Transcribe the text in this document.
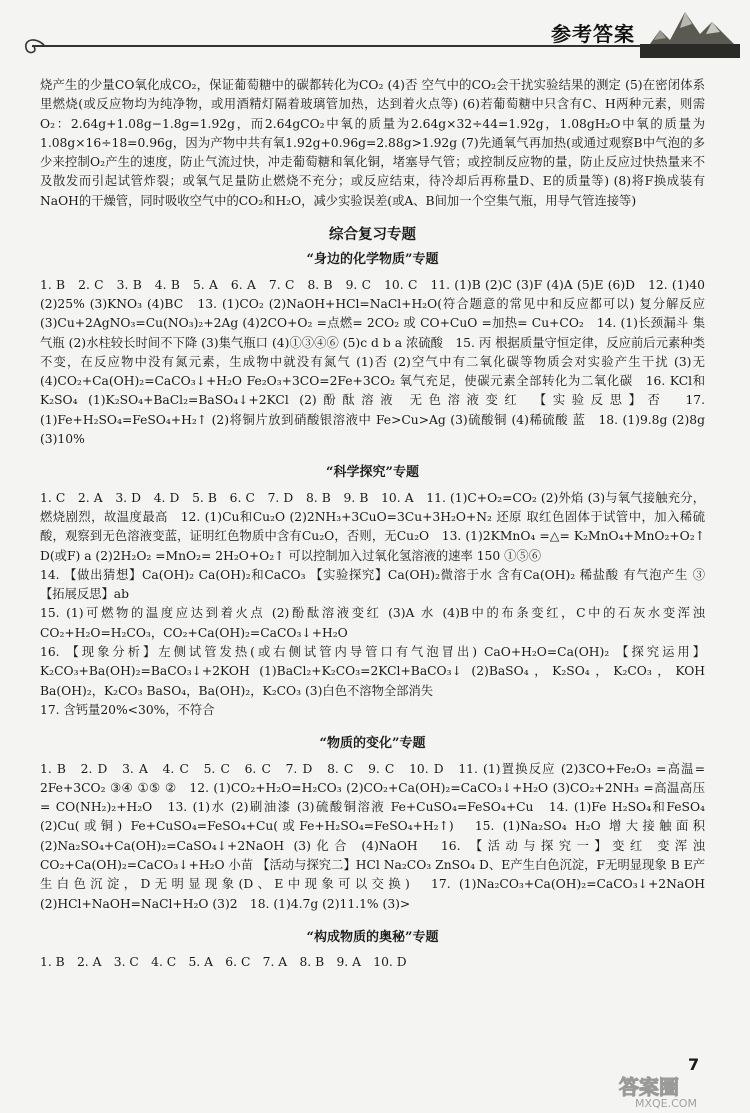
参考答案

烧产生的少量CO氧化成CO₂，保证葡萄糖中的碳都转化为CO₂ (4)否 空气中的CO₂会干扰实验结果的测定 (5)在密闭体系里燃烧(或反应物均为纯净物，或用酒精灯隔着玻璃管加热，达到着火点等) (6)若葡萄糖中只含有C、H两种元素，则需O₂：2.64g+1.08g−1.8g=1.92g，而2.64gCO₂中氧的质量为2.64g×32÷44=1.92g，1.08gH₂O中氧的质量为1.08g×16÷18=0.96g，因为产物中共有氧1.92g+0.96g=2.88g>1.92g (7)先通氧气再加热(或通过观察B中气泡的多少来控制O₂产生的速度，防止气流过快，冲走葡萄糖和氧化铜，堵塞导气管；或控制反应物的量，防止反应过快热量来不及散发而引起试管炸裂；或氧气足量防止燃烧不充分；或反应结束，待冷却后再称量D、E的质量等) (8)将F换成装有NaOH的干燥管，同时吸收空气中的CO₂和H₂O，减少实验误差(或A、B间加一个空集气瓶，用导气管连接等)

综合复习专题
“身边的化学物质”专题

1. B　2. C　3. B　4. B　5. A　6. A　7. C　8. B　9. C　10. C　11. (1)B (2)C (3)F (4)A (5)E (6)D　12. (1)40 (2)25% (3)KNO₃ (4)BC　13. (1)CO₂ (2)NaOH+HCl=NaCl+H₂O(符合题意的常见中和反应都可以) 复分解反应 (3)Cu+2AgNO₃=Cu(NO₃)₂+2Ag (4)2CO+O₂ =点燃= 2CO₂ 或 CO+CuO =加热= Cu+CO₂　14. (1)长颈漏斗 集气瓶 (2)水柱较长时间不下降 (3)集气瓶口 (4)①③④⑥ (5)c d b a 浓硫酸　15. 丙 根据质量守恒定律，反应前后元素种类不变，在反应物中没有氮元素，生成物中就没有氮气 (1)否 (2)空气中有二氧化碳等物质会对实验产生干扰 (3)无 (4)CO₂+Ca(OH)₂=CaCO₃↓+H₂O Fe₂O₃+3CO=2Fe+3CO₂ 氧气充足，使碳元素全部转化为二氧化碳　16. KCl和K₂SO₄ (1)K₂SO₄+BaCl₂=BaSO₄↓+2KCl (2)酚酞溶液 无色溶液变红 【实验反思】否　17. (1)Fe+H₂SO₄=FeSO₄+H₂↑ (2)将铜片放到硝酸银溶液中 Fe>Cu>Ag (3)硫酸铜 (4)稀硫酸 蓝　18. (1)9.8g (2)8g (3)10%

“科学探究”专题

1. C　2. A　3. D　4. D　5. B　6. C　7. D　8. B　9. B　10. A　11. (1)C+O₂=CO₂ (2)外焰 (3)与氧气接触充分，燃烧剧烈，故温度最高　12. (1)Cu和Cu₂O (2)2NH₃+3CuO=3Cu+3H₂O+N₂ 还原 取红色固体于试管中，加入稀硫酸，观察到无色溶液变蓝，证明红色物质中含有Cu₂O，否则，无Cu₂O　13. (1)2KMnO₄ =△= K₂MnO₄+MnO₂+O₂↑ D(或F) a (2)2H₂O₂ =MnO₂= 2H₂O+O₂↑ 可以控制加入过氧化氢溶液的速率 150 ①⑤⑥

14. 【做出猜想】Ca(OH)₂ Ca(OH)₂和CaCO₃ 【实验探究】Ca(OH)₂微溶于水 含有Ca(OH)₂ 稀盐酸 有气泡产生 ③ 【拓展反思】ab

15. (1)可燃物的温度应达到着火点 (2)酚酞溶液变红 (3)A 水 (4)B中的布条变红，C中的石灰水变浑浊 CO₂+H₂O=H₂CO₃，CO₂+Ca(OH)₂=CaCO₃↓+H₂O

16. 【现象分析】左侧试管发热(或右侧试管内导管口有气泡冒出) CaO+H₂O=Ca(OH)₂ 【探究运用】K₂CO₃+Ba(OH)₂=BaCO₃↓+2KOH (1)BaCl₂+K₂CO₃=2KCl+BaCO₃↓ (2)BaSO₄，K₂SO₄，K₂CO₃，KOH Ba(OH)₂，K₂CO₃ BaSO₄，Ba(OH)₂，K₂CO₃ (3)白色不溶物全部消失

17. 含钙量20%<30%，不符合

“物质的变化”专题

1. B　2. D　3. A　4. C　5. C　6. C　7. D　8. C　9. C　10. D　11. (1)置换反应 (2)3CO+Fe₂O₃ =高温= 2Fe+3CO₂ ③④ ①⑤ ②　12. (1)CO₂+H₂O=H₂CO₃ (2)CO₂+Ca(OH)₂=CaCO₃↓+H₂O (3)CO₂+2NH₃ =高温高压= CO(NH₂)₂+H₂O　13. (1)水 (2)刷油漆 (3)硫酸铜溶液 Fe+CuSO₄=FeSO₄+Cu　14. (1)Fe H₂SO₄和FeSO₄ (2)Cu(或铜) Fe+CuSO₄=FeSO₄+Cu(或Fe+H₂SO₄=FeSO₄+H₂↑)　15. (1)Na₂SO₄ H₂O 增大接触面积 (2)Na₂SO₄+Ca(OH)₂=CaSO₄↓+2NaOH (3)化合 (4)NaOH　16. 【活动与探究一】变红 变浑浊 CO₂+Ca(OH)₂=CaCO₃↓+H₂O 小苗 【活动与探究二】HCl Na₂CO₃ ZnSO₄ D、E产生白色沉淀，F无明显现象 B E产生白色沉淀，D无明显现象(D、E中现象可以交换)　17. (1)Na₂CO₃+Ca(OH)₂=CaCO₃↓+2NaOH (2)HCl+NaOH=NaCl+H₂O (3)2　18. (1)4.7g (2)11.1% (3)>

“构成物质的奥秘”专题

1. B　2. A　3. C　4. C　5. A　6. C　7. A　8. B　9. A　10. D

7
答案圈
MXQE.COM
